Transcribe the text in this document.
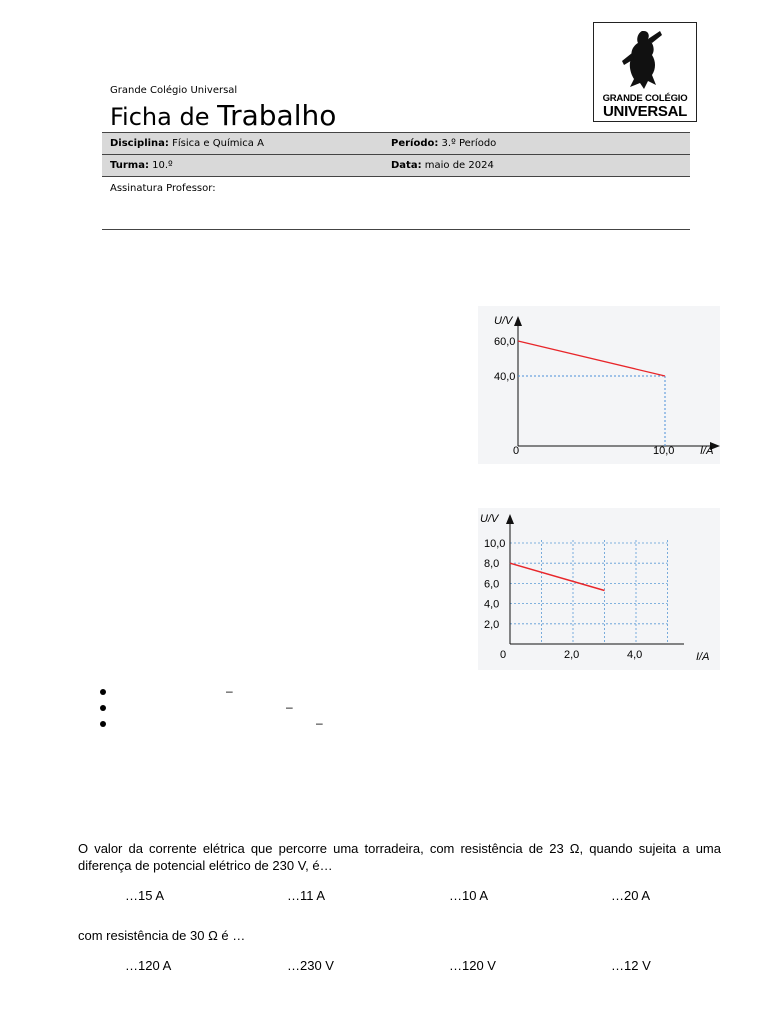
Grande Colégio Universal
Ficha de Trabalho
GRANDE COLÉGIO
UNIVERSAL
Disciplina: Física e Química A	Período: 3.º Período
Turma: 10.º	Data: maio de 2024
Assinatura Professor:
U/V
I/A
40,0
60,0
0	10,0
U/V
I/A
2,0
4,0
6,0
8,0
10,0
0	2,0	4,0
–
–
–
O valor da corrente elétrica que percorre uma torradeira, com resistência de 23 Ω, quando sujeita a uma diferença de potencial elétrico de 230 V, é…
…15 A	…11 A	…10 A	…20 A
com resistência de 30 Ω é …
…120 A	…230 V	…120 V	…12 V
